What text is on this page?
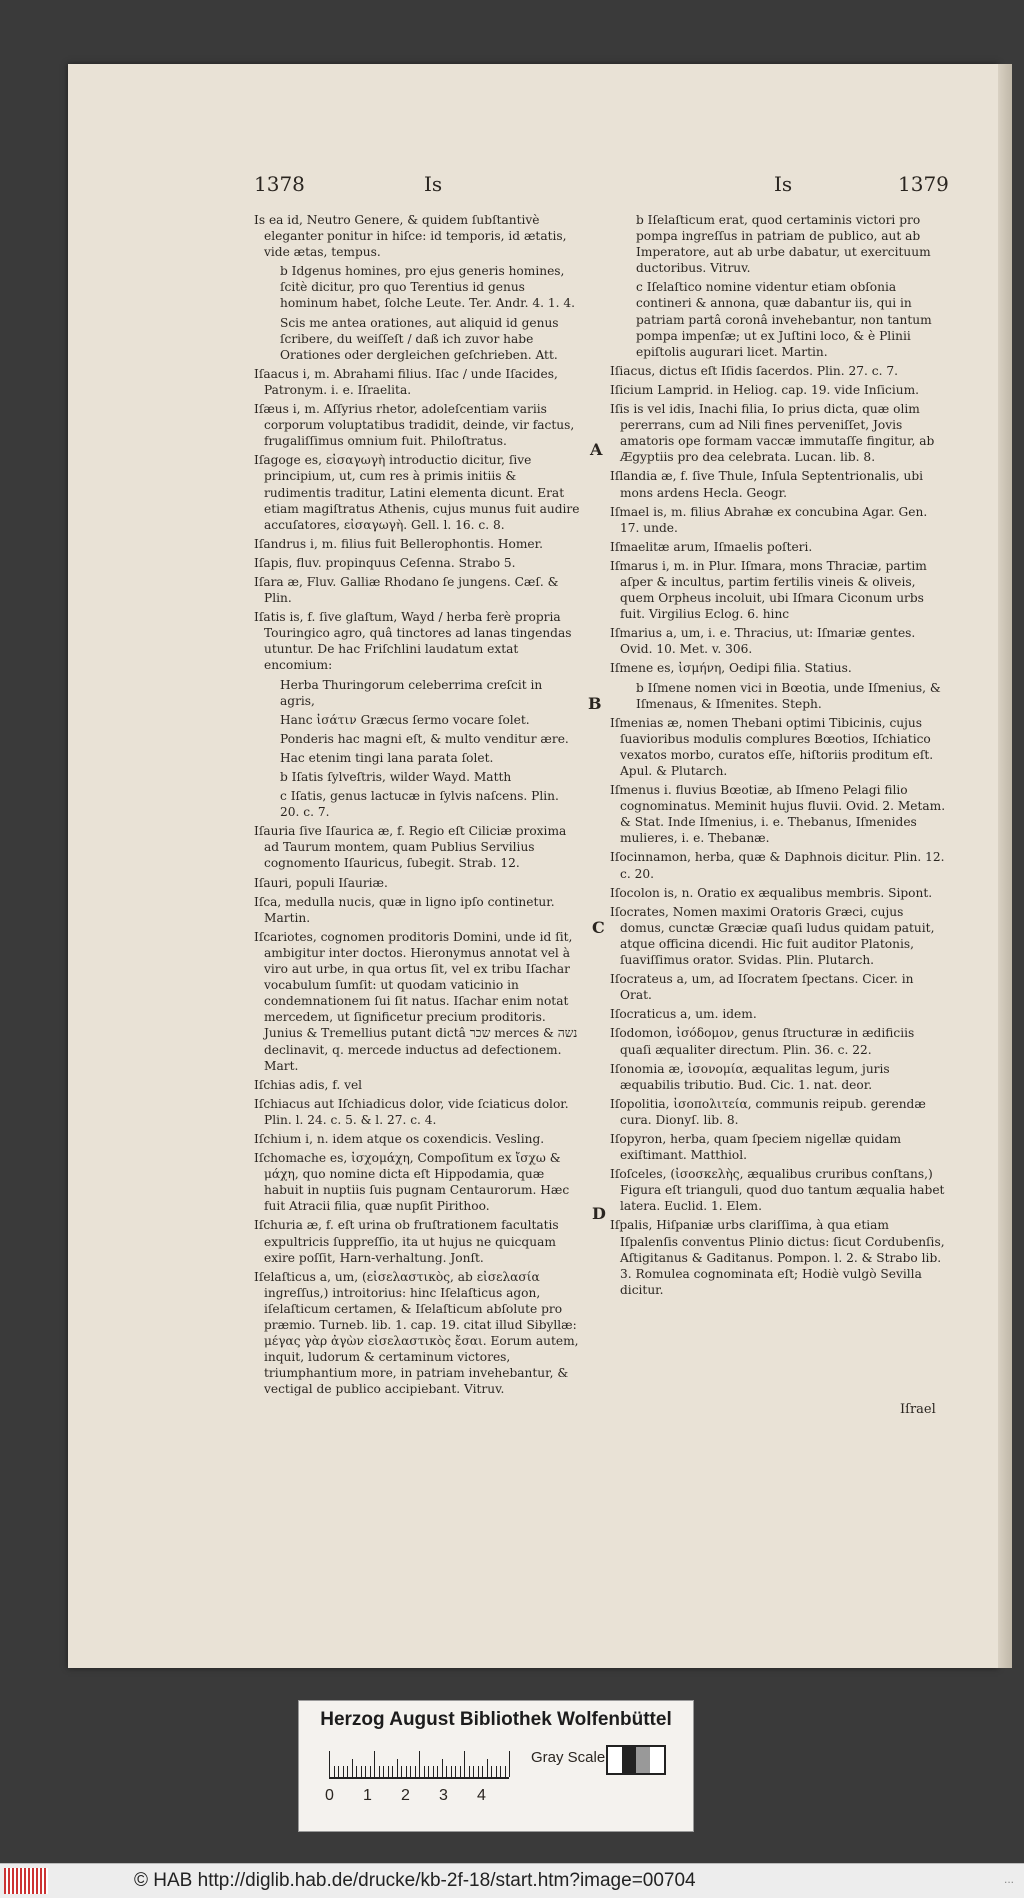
1378	Is	Is	1379

Is ea id, Neutro Genere, & quidem ſubſtantivè eleganter ponitur in hiſce: id temporis, id ætatis, vide ætas, tempus.

b Idgenus homines, pro ejus generis homines, ſcitè dicitur, pro quo Terentius id genus hominum habet, ſolche Leute. Ter. Andr. 4. 1. 4.

Scis me antea orationes, aut aliquid id genus ſcribere, du weiſſeſt / daß ich zuvor habe Orationes oder dergleichen geſchrieben. Att.

Iſaacus i, m. Abrahami filius. Iſac / unde Iſacides, Patronym. i. e. Iſraelita.

Iſæus i, m. Aſſyrius rhetor, adoleſcentiam variis corporum voluptatibus tradidit, deinde, vir factus, frugaliſſimus omnium fuit. Philoſtratus.

Iſagoge es, εἰσαγωγὴ introductio dicitur, ſive principium, ut, cum res à primis initiis & rudimentis traditur, Latini elementa dicunt. Erat etiam magiſtratus Athenis, cujus munus fuit audire accuſatores, εἰσαγωγὴ. Gell. l. 16. c. 8.

Iſandrus i, m. filius fuit Bellerophontis. Homer.

Iſapis, fluv. propinquus Ceſenna. Strabo 5.

Iſara æ, Fluv. Galliæ Rhodano ſe jungens. Cæſ. & Plin.

Iſatis is, f. ſive glaſtum, Wayd / herba ferè propria Touringico agro, quâ tinctores ad lanas tingendas utuntur. De hac Friſchlini laudatum extat encomium:

Herba Thuringorum celeberrima creſcit in agris,

Hanc ἰσάτιν Græcus ſermo vocare ſolet.

Ponderis hac magni eſt, & multo venditur ære.

Hac etenim tingi lana parata ſolet.

b Iſatis ſylveſtris, wilder Wayd. Matth

c Iſatis, genus lactucæ in ſylvis naſcens. Plin. 20. c. 7.

Iſauria ſive Iſaurica æ, f. Regio eſt Ciliciæ proxima ad Taurum montem, quam Publius Servilius cognomento Iſauricus, ſubegit. Strab. 12.

Iſauri, populi Iſauriæ.

Iſca, medulla nucis, quæ in ligno ipſo continetur. Martin.

Iſcariotes, cognomen proditoris Domini, unde id ſit, ambigitur inter doctos. Hieronymus annotat vel à viro aut urbe, in qua ortus ſit, vel ex tribu Iſachar vocabulum ſumſit: ut quodam vaticinio in condemnationem ſui ſit natus. Iſachar enim notat mercedem, ut ſignificetur precium proditoris. Junius & Tremellius putant dictâ שכר merces & נשה declinavit, q. mercede inductus ad defectionem. Mart.

Iſchias adis, f. vel

Iſchiacus aut Iſchiadicus dolor, vide ſciaticus dolor. Plin. l. 24. c. 5. & l. 27. c. 4.

Iſchium i, n. idem atque os coxendicis. Vesling.

Iſchomache es, ἰσχομάχη, Compoſitum ex ἴσχω & μάχη, quo nomine dicta eſt Hippodamia, quæ habuit in nuptiis ſuis pugnam Centaurorum. Hæc fuit Atracii filia, quæ nupſit Pirithoo.

Iſchuria æ, f. eſt urina ob fruſtrationem facultatis expultricis ſuppreſſio, ita ut hujus ne quicquam exire poſſit, Harn-verhaltung. Jonſt.

Iſelaſticus a, um, (εἰσελαστικὸς, ab εἰσελασία ingreſſus,) introitorius: hinc Iſelaſticus agon, iſelaſticum certamen, & Iſelaſticum abſolute pro præmio. Turneb. lib. 1. cap. 19. citat illud Sibyllæ: μέγας γὰρ ἀγὼν εἰσελαστικὸς ἔσαι. Eorum autem, inquit, ludorum & certaminum victores, triumphantium more, in patriam invehebantur, & vectigal de publico accipiebant. Vitruv.

b Iſelaſticum erat, quod certaminis victori pro pompa ingreſſus in patriam de publico, aut ab Imperatore, aut ab urbe dabatur, ut exercituum ductoribus. Vitruv.

c Iſelaſtico nomine videntur etiam obſonia contineri & annona, quæ dabantur iis, qui in patriam partâ coronâ invehebantur, non tantum pompa impenſæ; ut ex Juſtini loco, & è Plinii epiſtolis augurari licet. Martin.

Iſiacus, dictus eſt Iſidis ſacerdos. Plin. 27. c. 7.

Iſicium Lamprid. in Heliog. cap. 19. vide Inſicium.

Iſis is vel idis, Inachi filia, Io prius dicta, quæ olim pererrans, cum ad Nili fines perveniſſet, Jovis amatoris ope formam vaccæ immutaſſe fingitur, ab Ægyptiis pro dea celebrata. Lucan. lib. 8.

Iſlandia æ, f. ſive Thule, Inſula Septentrionalis, ubi mons ardens Hecla. Geogr.

Iſmael is, m. filius Abrahæ ex concubina Agar. Gen. 17. unde.

Iſmaelitæ arum, Iſmaelis poſteri.

Iſmarus i, m. in Plur. Iſmara, mons Thraciæ, partim aſper & incultus, partim fertilis vineis & oliveis, quem Orpheus incoluit, ubi Iſmara Ciconum urbs fuit. Virgilius Eclog. 6. hinc

Iſmarius a, um, i. e. Thracius, ut: Iſmariæ gentes. Ovid. 10. Met. v. 306.

Iſmene es, ἰσμήνη, Oedipi filia. Statius.

b Iſmene nomen vici in Bœotia, unde Iſmenius, & Iſmenaus, & Iſmenites. Steph.

Iſmenias æ, nomen Thebani optimi Tibicinis, cujus ſuavioribus modulis complures Bœotios, Iſchiatico vexatos morbo, curatos eſſe, hiſtoriis proditum eſt. Apul. & Plutarch.

Iſmenus i. fluvius Bœotiæ, ab Iſmeno Pelagi filio cognominatus. Meminit hujus fluvii. Ovid. 2. Metam. & Stat. Inde Iſmenius, i. e. Thebanus, Iſmenides mulieres, i. e. Thebanæ.

Iſocinnamon, herba, quæ & Daphnois dicitur. Plin. 12. c. 20.

Iſocolon is, n. Oratio ex æqualibus membris. Sipont.

Iſocrates, Nomen maximi Oratoris Græci, cujus domus, cunctæ Græciæ quaſi ludus quidam patuit, atque officina dicendi. Hic fuit auditor Platonis, ſuaviſſimus orator. Svidas. Plin. Plutarch.

Iſocrateus a, um, ad Iſocratem ſpectans. Cicer. in Orat.

Iſocraticus a, um. idem.

Iſodomon, ἰσόδομον, genus ſtructuræ in ædificiis quaſi æqualiter directum. Plin. 36. c. 22.

Iſonomia æ, ἰσονομία, æqualitas legum, juris æquabilis tributio. Bud. Cic. 1. nat. deor.

Iſopolitia, ἰσοπολιτεία, communis reipub. gerendæ cura. Dionyſ. lib. 8.

Iſopyron, herba, quam ſpeciem nigellæ quidam exiſtimant. Matthiol.

Iſoſceles, (ἰσοσκελὴς, æqualibus cruribus conſtans,) Figura eſt trianguli, quod duo tantum æqualia habet latera. Euclid. 1. Elem.

Iſpalis, Hiſpaniæ urbs clariſſima, à qua etiam Iſpalenſis conventus Plinio dictus: ſicut Cordubenſis, Aſtigitanus & Gaditanus. Pompon. l. 2. & Strabo lib. 3. Romulea cognominata eſt; Hodiè vulgò Sevilla dicitur.

A
B
C
D
Iſrael
Herzog August Bibliothek Wolfenbüttel
0 1 2 3 4
Gray Scale
© HAB http://diglib.hab.de/drucke/kb-2f-18/start.htm?image=00704	...
